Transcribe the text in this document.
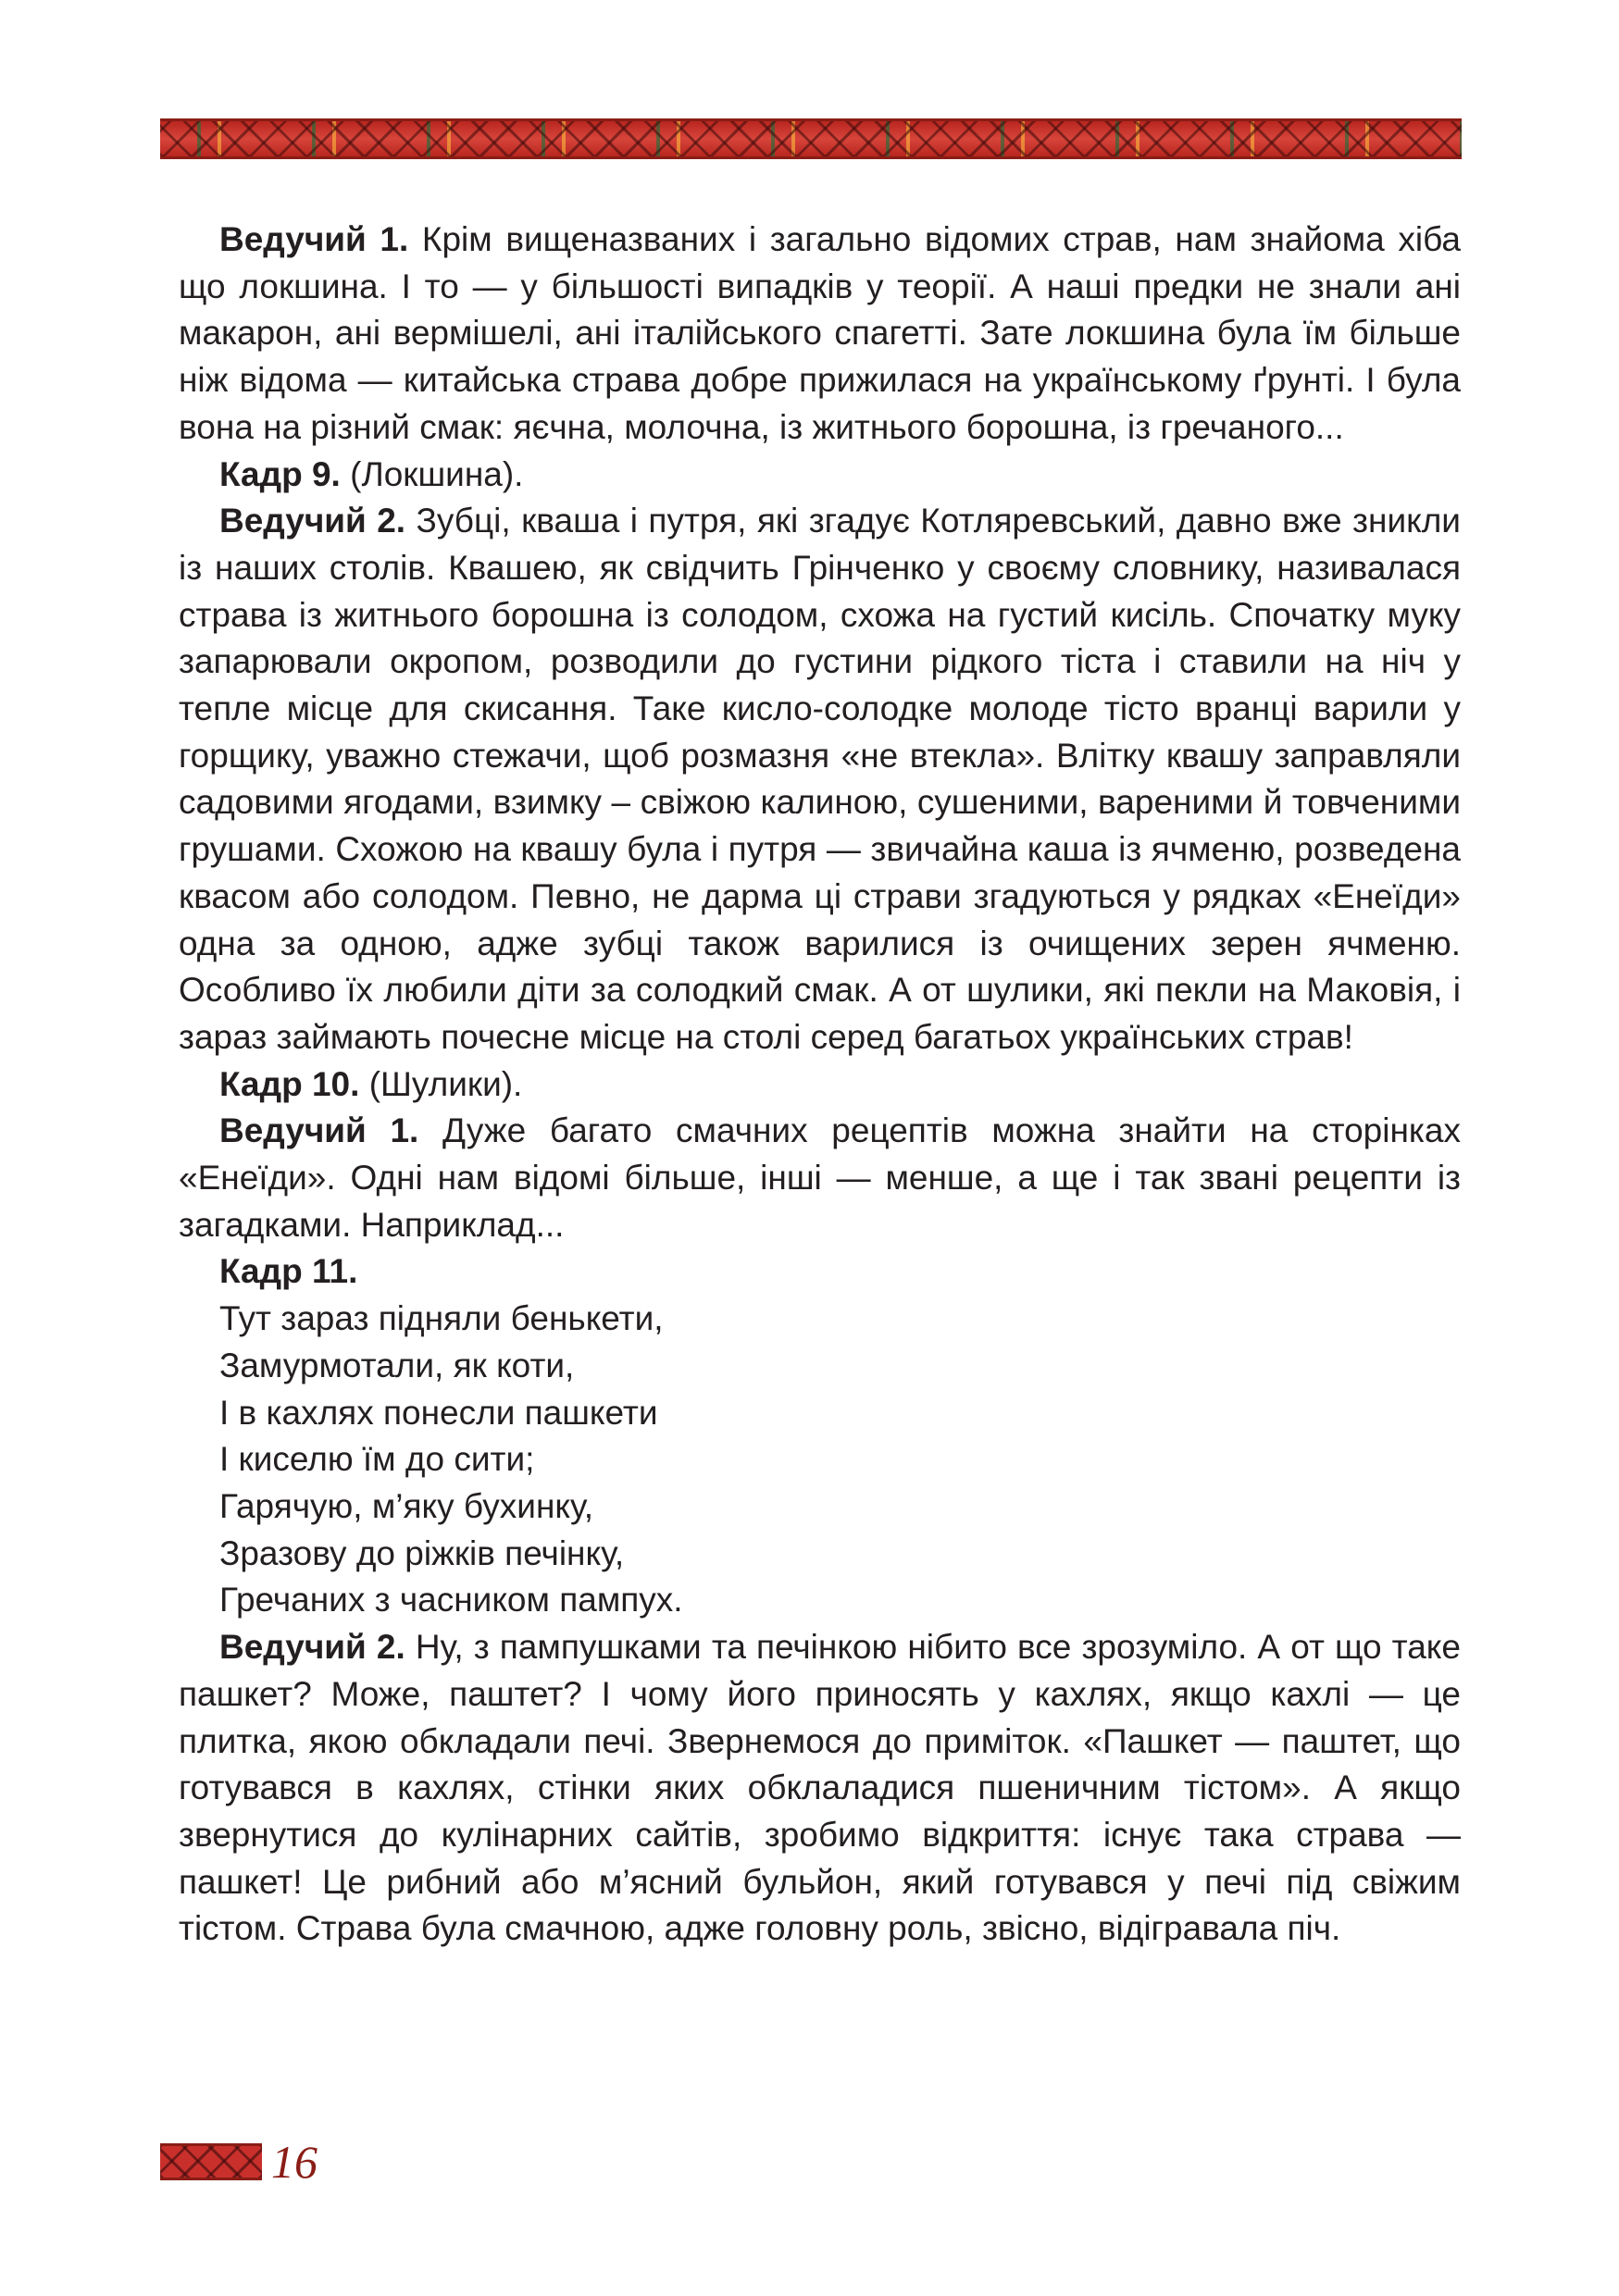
Ведучий 1. Крім вищеназваних і загально відомих страв, нам знайома хіба що локшина. І то — у більшості випадків у теорії. А наші предки не знали ані макарон, ані вермішелі, ані італійського спагетті. Зате локшина була їм більше ніж відома — китайська страва добре прижилася на українському ґрунті. І була вона на різний смак: яєчна, молочна, із житнього борошна, із гречаного...

Кадр 9. (Локшина).

Ведучий 2. Зубці, кваша і путря, які згадує Котляревський, давно вже зникли із наших столів. Квашею, як свідчить Грінченко у своєму словнику, називалася страва із житнього борошна із солодом, схожа на густий кисіль. Спочатку муку запарювали окропом, розводили до густини рідкого тіста і ставили на ніч у тепле місце для скисання. Таке кисло-солодке молоде тісто вранці варили у горщику, уважно стежачи, щоб розмазня «не втекла». Влітку квашу заправляли садовими ягодами, взимку – свіжою калиною, сушеними, вареними й товченими грушами. Схожою на квашу була і путря — звичайна каша із ячменю, розведена квасом або солодом. Певно, не дарма ці страви згадуються у рядках «Енеїди» одна за одною, адже зубці також варилися із очищених зерен ячменю. Особливо їх любили діти за солодкий смак. А от шулики, які пекли на Маковія, і зараз займають почесне місце на столі серед багатьох українських страв!

Кадр 10. (Шулики).

Ведучий 1. Дуже багато смачних рецептів можна знайти на сторінках «Енеїди». Одні нам відомі більше, інші — менше, а ще і так звані рецепти із загадками. Наприклад...

Кадр 11.

Тут зараз підняли бенькети,

Замурмотали, як коти,

І в кахлях понесли пашкети

І киселю їм до сити;

Гарячую, м’яку бухинку,

Зразову до ріжків печінку,

Гречаних з часником пампух.

Ведучий 2. Ну, з пампушками та печінкою нібито все зрозуміло. А от що таке пашкет? Може, паштет? І чому його приносять у кахлях, якщо кахлі — це плитка, якою обкладали печі. Звернемося до приміток. «Пашкет — паштет, що готувався в кахлях, стінки яких обклаладися пшеничним тістом». А якщо звернутися до кулінарних сайтів, зробимо відкриття: існує така страва — пашкет! Це рибний або м’ясний бульйон, який готувався у печі під свіжим тістом. Страва була смачною, адже головну роль, звісно, відігравала піч.

16
